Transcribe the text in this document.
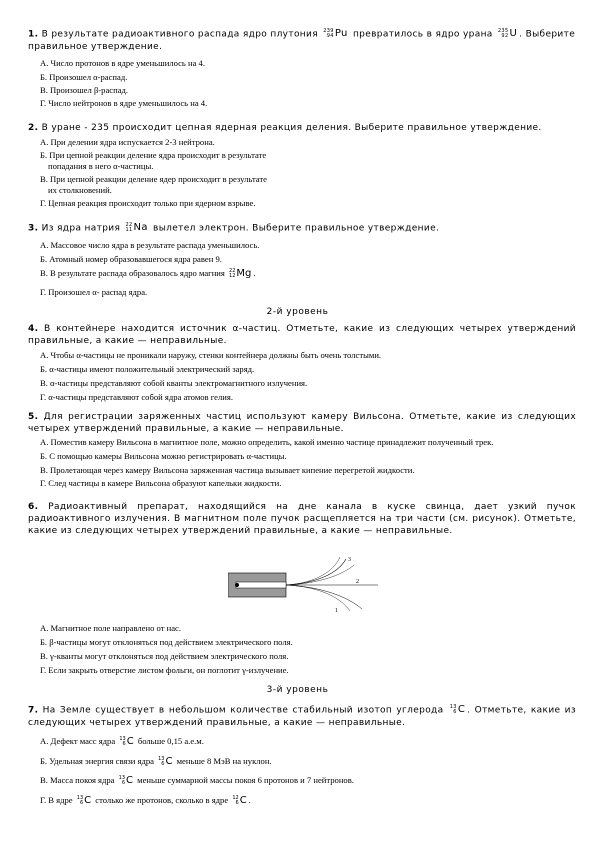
1. В результате радиоактивного распада ядро плутония 239
94 Pu превратилось в ядро урана 235
92 U . Выберите правильное утверждение.
А. Число протонов в ядре уменьшилось на 4.
Б. Произошел α-распад.
В. Произошел β-распад.
Г. Число нейтронов в ядре уменьшилось на 4.
2. В уране - 235 происходит цепная ядерная реакция деления. Выберите правильное утверждение.
А. При делении ядра испускается 2-3 нейтрона.
Б. При цепной реакции деление ядра происходит в результате
попадания в него α-частицы.
В. При цепной реакции деление ядер происходит в результате
их столкновений.
Г. Цепная реакция происходит только при ядерном взрыве.
3. Из ядра натрия 22
11 Na вылетел электрон. Выберите правильное утверждение.
А. Массовое число ядра в результате распада уменьшилось.
Б. Атомный номер образовавшегося ядра равен 9.
В. В результате распада образовалось ядро магния 22
12 Mg .
Г. Произошел α- распад ядра.
2-й уровень
4. В контейнере находится источник α-частиц. Отметьте, какие из следующих четырех утверждений правильные, а какие — неправильные.
А. Чтобы α-частицы не проникали наружу, стенки контейнера должны быть очень толстыми.
Б. α-частицы имеют положительный электрический заряд.
В. α-частицы представляют собой кванты электромагнитного излучения.
Г. α-частицы представляют собой ядра атомов гелия.
5. Для регистрации заряженных частиц используют камеру Вильсона. Отметьте, какие из следующих четырех утверждений правильные, а какие — неправильные.
А. Поместив камеру Вильсона в магнитное поле, можно определить, какой именно частице принадлежит полученный трек.
Б. С помощью камеры Вильсона можно регистрировать α-частицы.
В. Пролетающая через камеру Вильсона заряженная частица вызывает кипение перегретой жидкости.
Г. След частицы в камере Вильсона образуют капельки жидкости.
6. Радиоактивный препарат, находящийся на дне канала в куске свинца, дает узкий пучок радиоактивного излучения. В магнитном поле пучок расщепляется на три части (см. рисунок). Отметьте, какие из следующих четырех утверждений правильные, а какие — неправильные.
3
2
1
А. Магнитное поле направлено от нас.
Б. β-частицы могут отклоняться под действием электрического поля.
В. γ-кванты могут отклоняться под действием электрического поля.
Г. Если закрыть отверстие листом фольги, он поглотит γ-излучение.
3-й уровень
7. На Земле существует в небольшом количестве стабильный изотоп углерода 13
6 C . Отметьте, какие из следующих четырех утверждений правильные, а какие — неправильные.
А. Дефект масс ядра 13
6 C больше 0,15 а.е.м.
Б. Удельная энергия связи ядра 13
6 C меньше 8 МэВ на нуклон.
В. Масса покоя ядра 13
6 C меньше суммарной массы покоя 6 протонов и 7 нейтронов.
Г. В ядре 13
6 C столько же протонов, сколько в ядре 12
6 C .
